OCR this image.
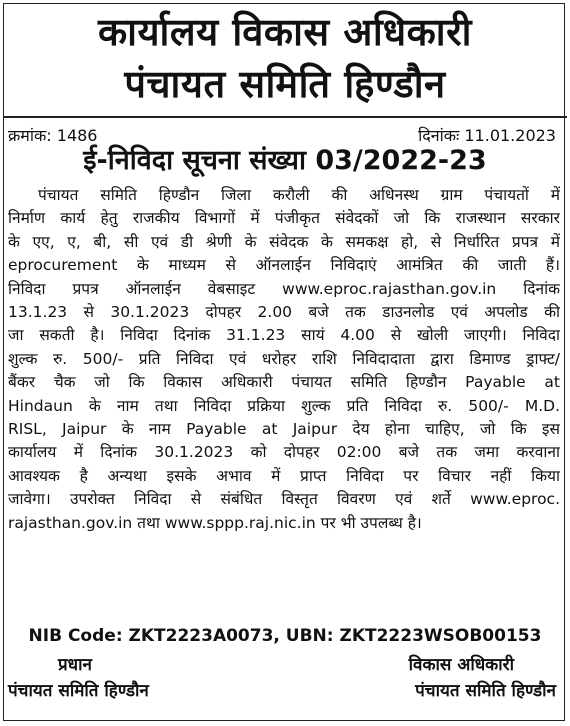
कार्यालय विकास अधिकारी
पंचायत समिति हिण्डौन
क्रमांक: 1486	दिनांकः 11.01.2023
ई-निविदा सूचना संख्या 03/2022-23
पंचायत समिति हिण्डौन जिला करौली की अधिनस्थ ग्राम पंचायतों में
निर्माण कार्य हेतु राजकीय विभागों में पंजीकृत संवेदकों जो कि राजस्थान सरकार
के एए, ए, बी, सी एवं डी श्रेणी के संवेदक के समकक्ष हो, से निर्धारित प्रपत्र में
eprocurement के माध्यम से ऑनलाईन निविदाएं आमंत्रित की जाती हैं।
निविदा प्रपत्र ऑनलाईन वेबसाइट www.eproc.rajasthan.gov.in दिनांक
13.1.23 से 30.1.2023 दोपहर 2.00 बजे तक डाउनलोड एवं अपलोड की
जा सकती है। निविदा दिनांक 31.1.23 सायं 4.00 से खोली जाएगी। निविदा
शुल्क रु. 500/- प्रति निविदा एवं धरोहर राशि निविदादाता द्वारा डिमाण्ड ड्राफ्ट/
बैंकर चैक जो कि विकास अधिकारी पंचायत समिति हिण्डौन Payable at
Hindaun के नाम तथा निविदा प्रक्रिया शुल्क प्रति निविदा रु. 500/- M.D.
RISL, Jaipur के नाम Payable at Jaipur देय होना चाहिए, जो कि इस
कार्यालय में दिनांक 30.1.2023 को दोपहर 02:00 बजे तक जमा करवाना
आवश्यक है अन्यथा इसके अभाव में प्राप्त निविदा पर विचार नहीं किया
जावेगा। उपरोक्त निविदा से संबंधित विस्तृत विवरण एवं शर्ते www.eproc.
rajasthan.gov.in तथा www.sppp.raj.nic.in पर भी उपलब्ध है।
NIB Code: ZKT2223A0073, UBN: ZKT2223WSOB00153
प्रधान
पंचायत समिति हिण्डौन
विकास अधिकारी
पंचायत समिति हिण्डौन
